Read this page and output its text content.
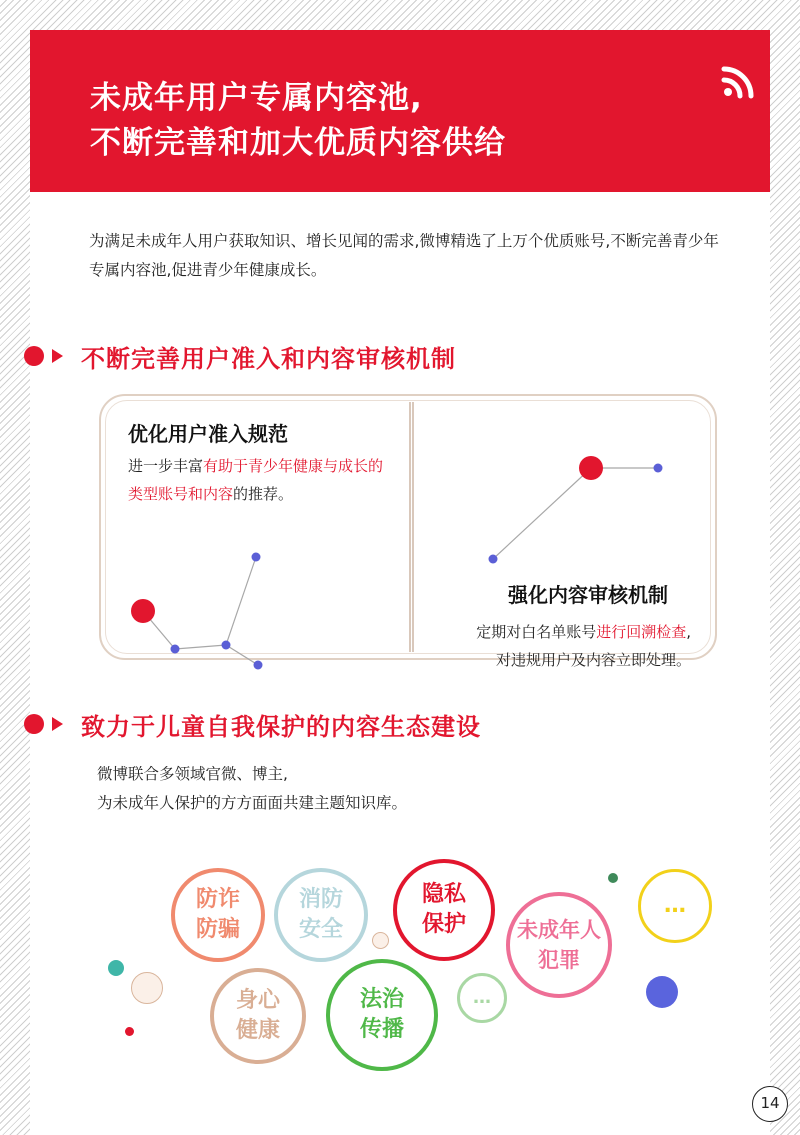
未成年用户专属内容池,
不断完善和加大优质内容供给
为满足未成年人用户获取知识、增长见闻的需求,微博精选了上万个优质账号,不断完善青少年专属内容池,促进青少年健康成长。
不断完善用户准入和内容审核机制
优化用户准入规范
进一步丰富有助于青少年健康与成长的类型账号和内容的推荐。
强化内容审核机制
定期对白名单账号进行回溯检查,
对违规用户及内容立即处理。
致力于儿童自我保护的内容生态建设
微博联合多领域官微、博主,
为未成年人保护的方方面面共建主题知识库。
防诈
防骗
消防
安全
隐私
保护 未成年人
犯罪
…
身心
健康
法治
传播
…
14
